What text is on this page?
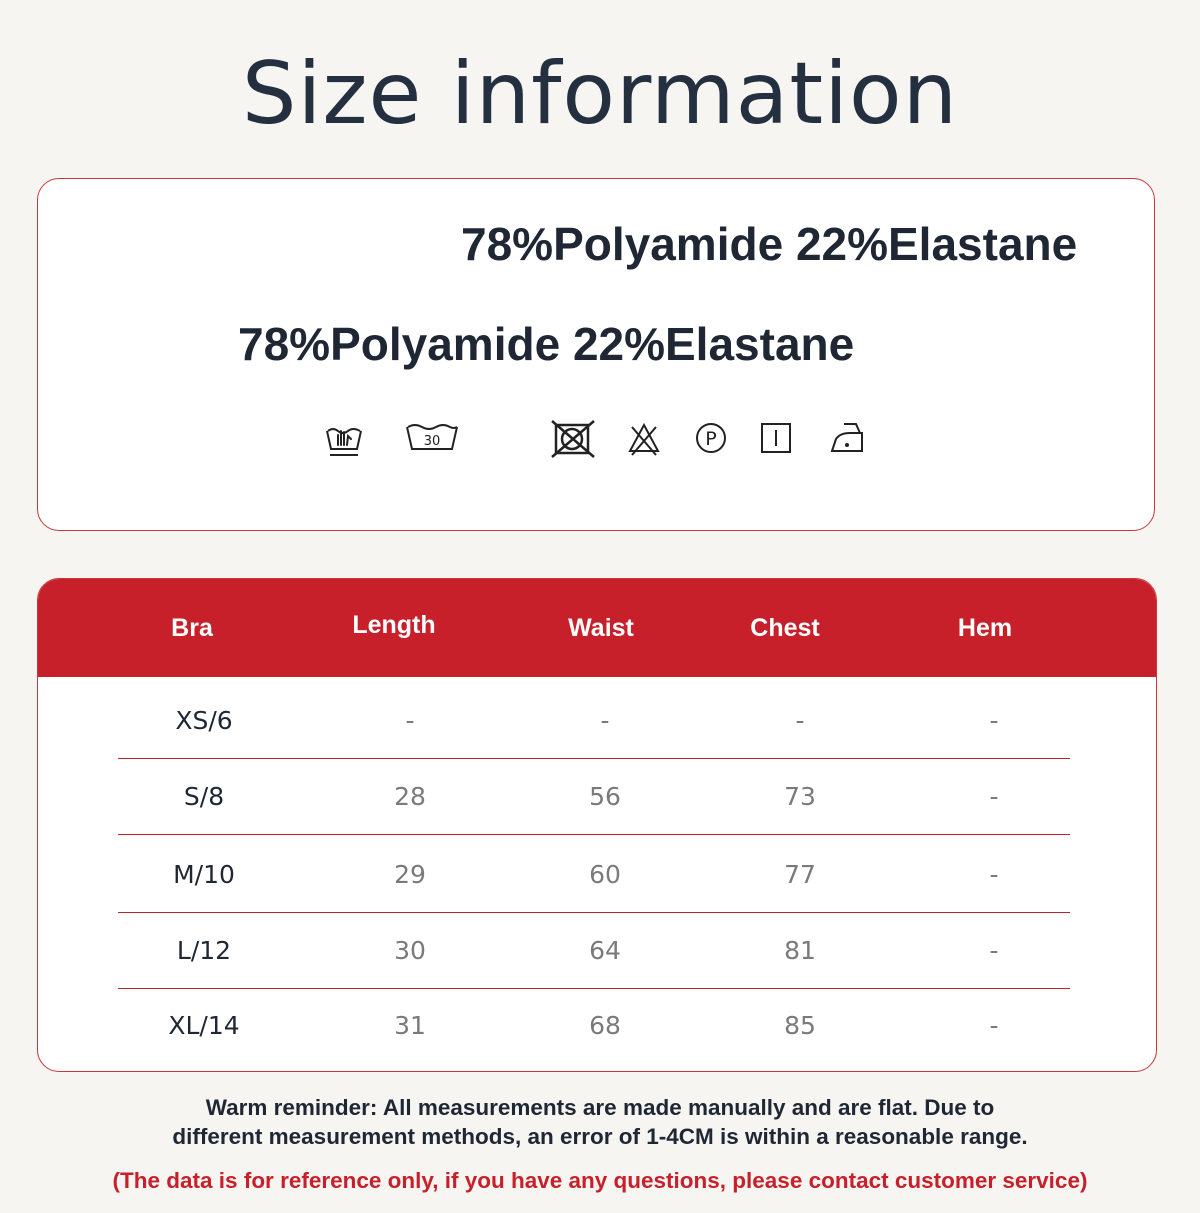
Size information
78%Polyamide 22%Elastane
78%Polyamide 22%Elastane
30	P
Bra	Length	Waist	Chest	Hem
XS/6	-	-	-	-
S/8	28	56	73	-
M/10	29	60	77	-
L/12	30	64	81	-
XL/14	31	68	85	-
Warm reminder: All measurements are made manually and are flat. Due to
different measurement methods, an error of 1-4CM is within a reasonable range.
(The data is for reference only, if you have any questions, please contact customer service)
